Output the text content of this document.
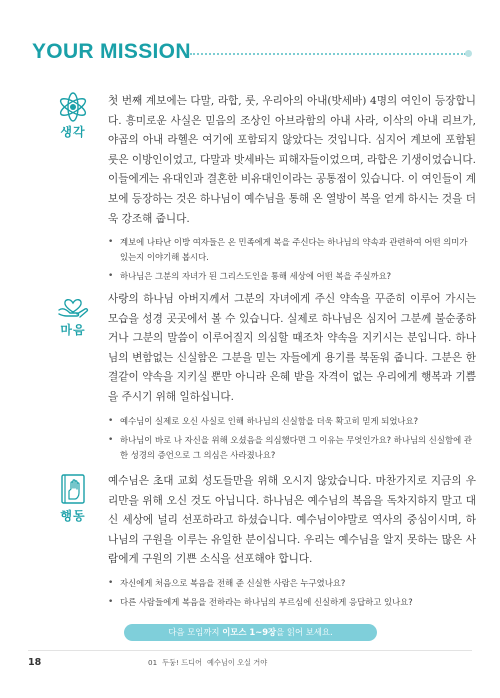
YOUR MISSION
생각

첫 번째 계보에는 다말, 라합, 룻, 우리아의 아내(밧세바) 4명의 여인이 등장합니다. 흥미로운 사실은 믿음의 조상인 아브라함의 아내 사라, 이삭의 아내 리브가, 야곱의 아내 라헬은 여기에 포함되지 않았다는 것입니다. 심지어 계보에 포함된 룻은 이방인이었고, 다말과 밧세바는 피해자들이었으며, 라합은 기생이었습니다. 이들에게는 유대인과 결혼한 비유대인이라는 공통점이 있습니다. 이 여인들이 계보에 등장하는 것은 하나님이 예수님을 통해 온 열방이 복을 얻게 하시는 것을 더욱 강조해 줍니다.

• 계보에 나타난 이방 여자들은 온 민족에게 복을 주신다는 하나님의 약속과 관련하여 어떤 의미가 있는지 이야기해 봅시다.
• 하나님은 그분의 자녀가 된 그리스도인을 통해 세상에 어떤 복을 주실까요?
마음

사랑의 하나님 아버지께서 그분의 자녀에게 주신 약속을 꾸준히 이루어 가시는 모습을 성경 곳곳에서 볼 수 있습니다. 실제로 하나님은 심지어 그분께 불순종하거나 그분의 말씀이 이루어질지 의심할 때조차 약속을 지키시는 분입니다. 하나님의 변함없는 신실함은 그분을 믿는 자들에게 용기를 북돋워 줍니다. 그분은 한결같이 약속을 지키실 뿐만 아니라 은혜 받을 자격이 없는 우리에게 행복과 기쁨을 주시기 위해 일하십니다.

• 예수님이 실제로 오신 사실로 인해 하나님의 신실함을 더욱 확고히 믿게 되었나요?
• 하나님이 바로 나 자신을 위해 오셨음을 의심했다면 그 이유는 무엇인가요? 하나님의 신실함에 관한 성경의 증언으로 그 의심은 사라졌나요?
행동

예수님은 초대 교회 성도들만을 위해 오시지 않았습니다. 마찬가지로 지금의 우리만을 위해 오신 것도 아닙니다. 하나님은 예수님의 복음을 독차지하지 말고 대신 세상에 널리 선포하라고 하셨습니다. 예수님이야말로 역사의 중심이시며, 하나님의 구원을 이루는 유일한 분이십니다. 우리는 예수님을 알지 못하는 많은 사람에게 구원의 기쁜 소식을 선포해야 합니다.

• 자신에게 처음으로 복음을 전해 준 신실한 사람은 누구였나요?
• 다른 사람들에게 복음을 전하라는 하나님의 부르심에 신실하게 응답하고 있나요?
다음 모임까지 이모스 1~9장을 읽어 보세요.
18	01 두둥! 드디어 예수님이 오실 거야
